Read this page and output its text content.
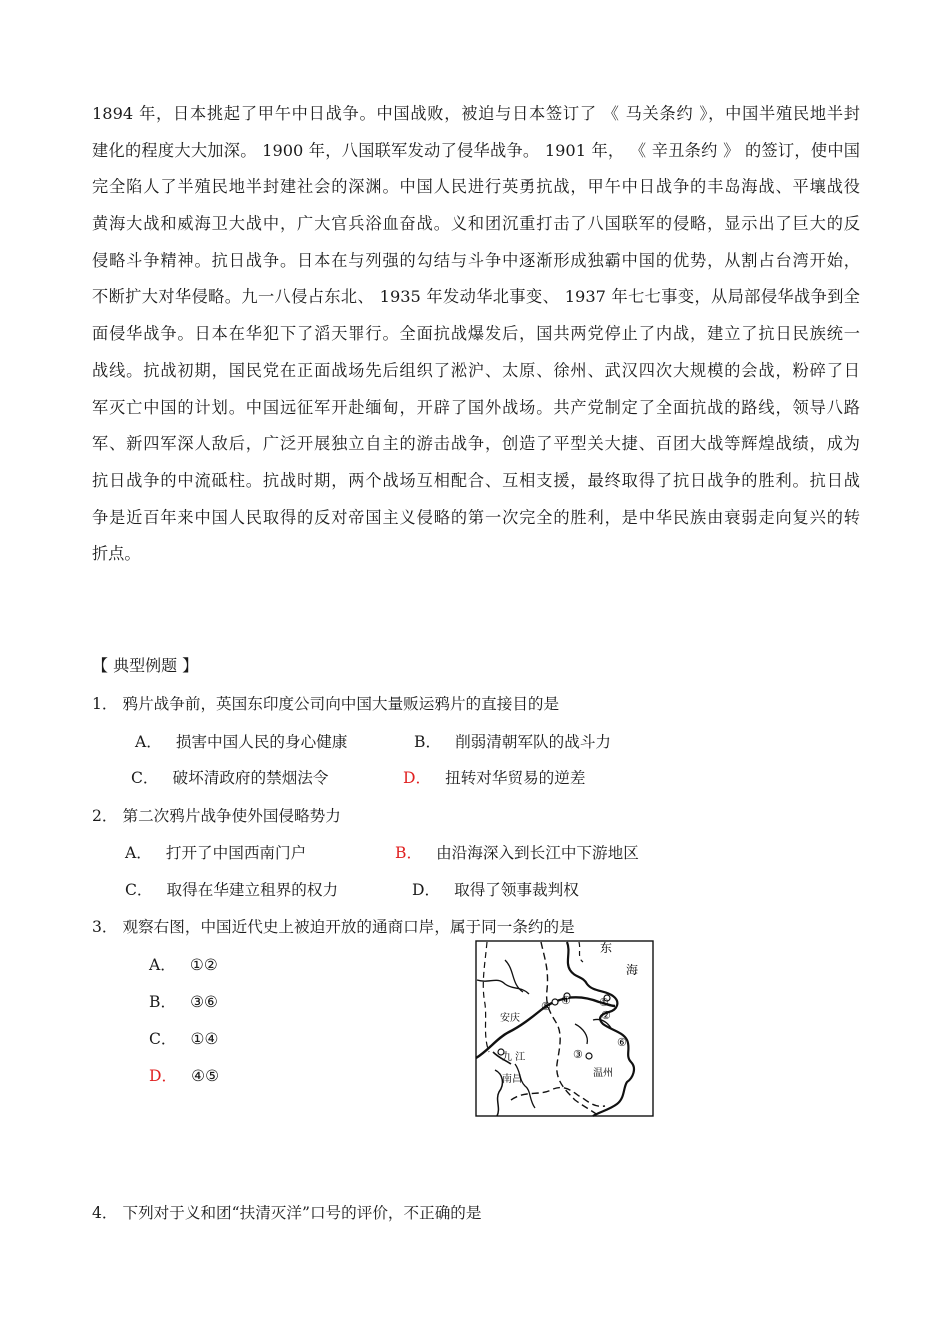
1894 年，日本挑起了甲午中日战争。中国战败，被迫与日本签订了 《 马关条约 》，中国半殖民地半封
建化的程度大大加深。 1900 年，八国联军发动了侵华战争。 1901 年， 《 辛丑条约 》 的签订，使中国
完全陷人了半殖民地半封建社会的深渊。中国人民进行英勇抗战，甲午中日战争的丰岛海战、平壤战役
黄海大战和威海卫大战中，广大官兵浴血奋战。义和团沉重打击了八国联军的侵略，显示出了巨大的反
侵略斗争精神。抗日战争。日本在与列强的勾结与斗争中逐渐形成独霸中国的优势，从割占台湾开始，
不断扩大对华侵略。九一八侵占东北、 1935 年发动华北事变、 1937 年七七事变，从局部侵华战争到全
面侵华战争。日本在华犯下了滔天罪行。全面抗战爆发后，国共两党停止了内战，建立了抗日民族统一
战线。抗战初期，国民党在正面战场先后组织了淞沪、太原、徐州、武汉四次大规模的会战，粉碎了日
军灭亡中国的计划。中国远征军开赴缅甸，开辟了国外战场。共产党制定了全面抗战的路线，领导八路
军、新四军深人敌后，广泛开展独立自主的游击战争，创造了平型关大捷、百团大战等辉煌战绩，成为
抗日战争的中流砥柱。抗战时期，两个战场互相配合、互相支援，最终取得了抗日战争的胜利。抗日战
争是近百年来中国人民取得的反对帝国主义侵略的第一次完全的胜利，是中华民族由衰弱走向复兴的转
折点。
【 典型例题 】
1． 鸦片战争前，英国东印度公司向中国大量贩运鸦片的直接目的是
A． 损害中国人民的身心健康	B． 削弱清朝军队的战斗力
C． 破坏清政府的禁烟法令	D． 扭转对华贸易的逆差
2． 第二次鸦片战争使外国侵略势力
A． 打开了中国西南门户	B． 由沿海深入到长江中下游地区
C． 取得在华建立租界的权力	D． 取得了领事裁判权
3． 观察右图，中国近代史上被迫开放的通商口岸，属于同一条约的是
A． ①②
B． ③⑥
C． ①④
D． ④⑤
东
海
安庆
九 江
南昌
温州
①
②
③
④
⑤
⑥
4． 下列对于义和团“扶清灭洋”口号的评价，不正确的是
